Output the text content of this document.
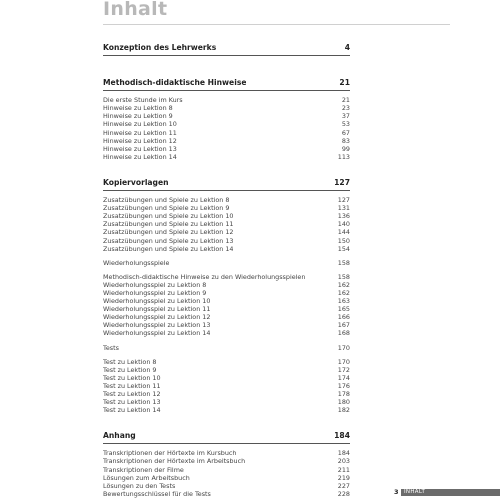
Inhalt
Konzeption des Lehrwerks	4
Methodisch-didaktische Hinweise	21
Die erste Stunde im Kurs	21
Hinweise zu Lektion 8	23
Hinweise zu Lektion 9	37
Hinweise zu Lektion 10	53
Hinweise zu Lektion 11	67
Hinweise zu Lektion 12	83
Hinweise zu Lektion 13	99
Hinweise zu Lektion 14	113
Kopiervorlagen	127
Zusatzübungen und Spiele zu Lektion 8	127
Zusatzübungen und Spiele zu Lektion 9	131
Zusatzübungen und Spiele zu Lektion 10	136
Zusatzübungen und Spiele zu Lektion 11	140
Zusatzübungen und Spiele zu Lektion 12	144
Zusatzübungen und Spiele zu Lektion 13	150
Zusatzübungen und Spiele zu Lektion 14	154
Wiederholungsspiele	158
Methodisch-didaktische Hinweise zu den Wiederholungsspielen	158
Wiederholungsspiel zu Lektion 8	162
Wiederholungsspiel zu Lektion 9	162
Wiederholungsspiel zu Lektion 10	163
Wiederholungsspiel zu Lektion 11	165
Wiederholungsspiel zu Lektion 12	166
Wiederholungsspiel zu Lektion 13	167
Wiederholungsspiel zu Lektion 14	168
Tests	170
Test zu Lektion 8	170
Test zu Lektion 9	172
Test zu Lektion 10	174
Test zu Lektion 11	176
Test zu Lektion 12	178
Test zu Lektion 13	180
Test zu Lektion 14	182
Anhang	184
Transkriptionen der Hörtexte im Kursbuch	184
Transkriptionen der Hörtexte im Arbeitsbuch	203
Transkriptionen der Filme	211
Lösungen zum Arbeitsbuch	219
Lösungen zu den Tests	227
Bewertungsschlüssel für die Tests	228	3 INHALT
